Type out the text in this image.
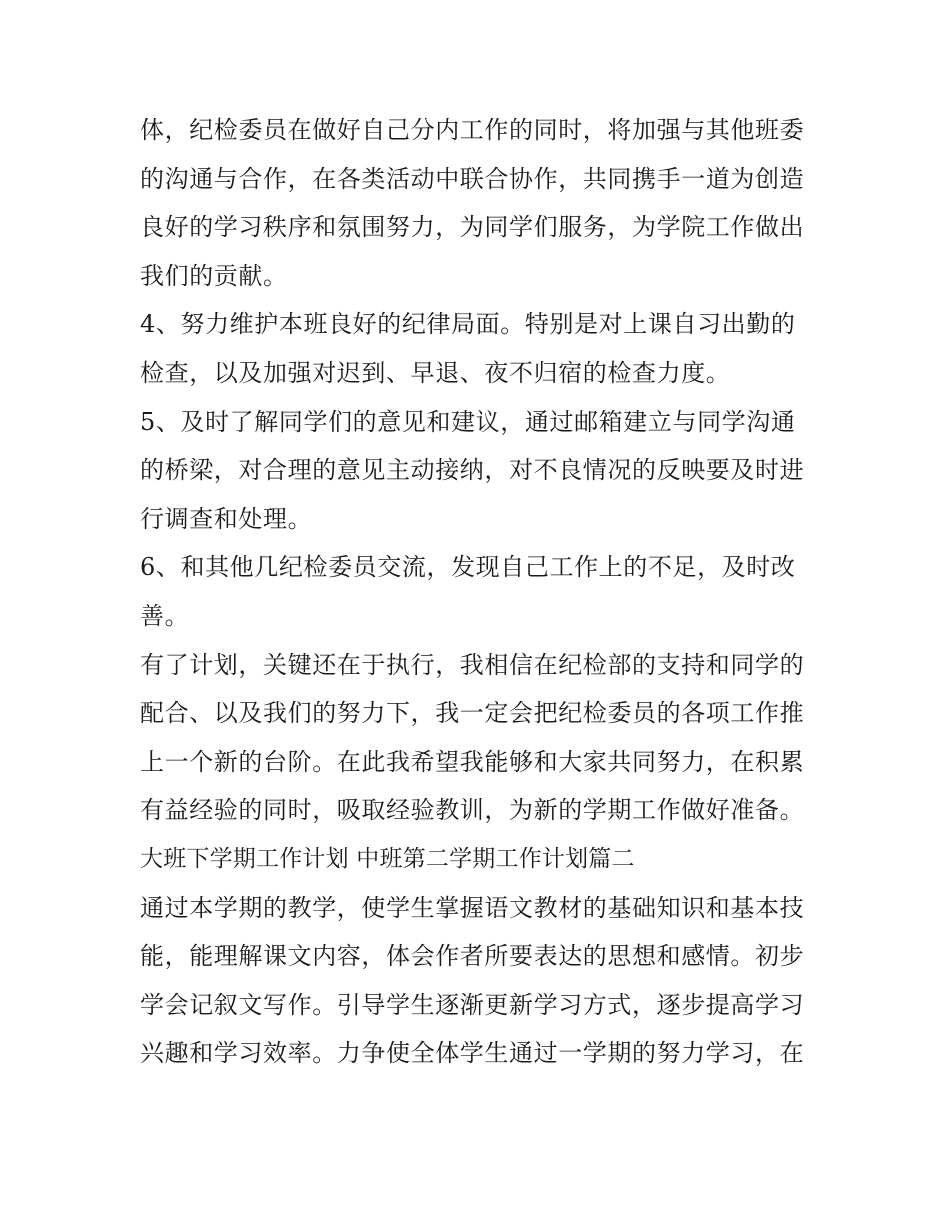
体，纪检委员在做好自己分内工作的同时，将加强与其他班委
的沟通与合作，在各类活动中联合协作，共同携手一道为创造
良好的学习秩序和氛围努力，为同学们服务，为学院工作做出
我们的贡献。
4、努力维护本班良好的纪律局面。特别是对上课自习出勤的
检查，以及加强对迟到、早退、夜不归宿的检查力度。
5、及时了解同学们的意见和建议，通过邮箱建立与同学沟通
的桥梁，对合理的意见主动接纳，对不良情况的反映要及时进
行调查和处理。
6、和其他几纪检委员交流，发现自己工作上的不足，及时改
善。
有了计划，关键还在于执行，我相信在纪检部的支持和同学的
配合、以及我们的努力下，我一定会把纪检委员的各项工作推
上一个新的台阶。在此我希望我能够和大家共同努力，在积累
有益经验的同时，吸取经验教训，为新的学期工作做好准备。
大班下学期工作计划 中班第二学期工作计划篇二
通过本学期的教学，使学生掌握语文教材的基础知识和基本技
能，能理解课文内容，体会作者所要表达的思想和感情。初步
学会记叙文写作。引导学生逐渐更新学习方式，逐步提高学习
兴趣和学习效率。力争使全体学生通过一学期的努力学习，在
